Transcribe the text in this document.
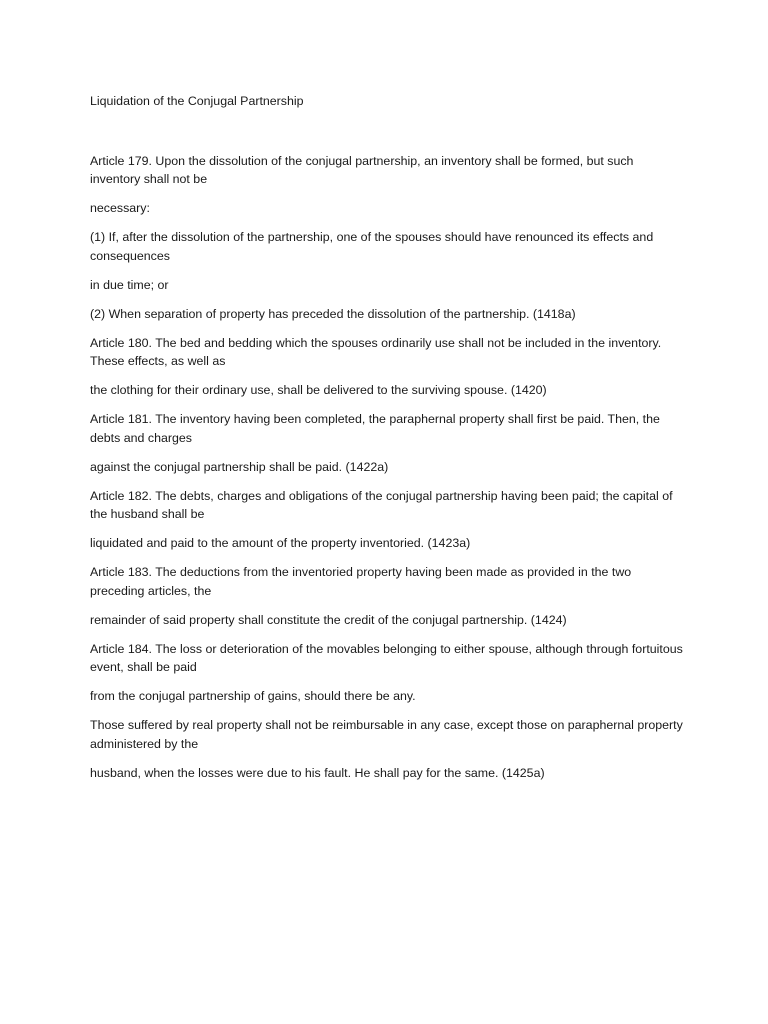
Liquidation of the Conjugal Partnership

Article 179. Upon the dissolution of the conjugal partnership, an inventory shall be formed, but such inventory shall not be

necessary:

(1) If, after the dissolution of the partnership, one of the spouses should have renounced its effects and consequences

in due time; or

(2) When separation of property has preceded the dissolution of the partnership. (1418a)

Article 180. The bed and bedding which the spouses ordinarily use shall not be included in the inventory. These effects, as well as

the clothing for their ordinary use, shall be delivered to the surviving spouse. (1420)

Article 181. The inventory having been completed, the paraphernal property shall first be paid. Then, the debts and charges

against the conjugal partnership shall be paid. (1422a)

Article 182. The debts, charges and obligations of the conjugal partnership having been paid; the capital of the husband shall be

liquidated and paid to the amount of the property inventoried. (1423a)

Article 183. The deductions from the inventoried property having been made as provided in the two preceding articles, the

remainder of said property shall constitute the credit of the conjugal partnership. (1424)

Article 184. The loss or deterioration of the movables belonging to either spouse, although through fortuitous event, shall be paid

from the conjugal partnership of gains, should there be any.

Those suffered by real property shall not be reimbursable in any case, except those on paraphernal property administered by the

husband, when the losses were due to his fault. He shall pay for the same. (1425a)
